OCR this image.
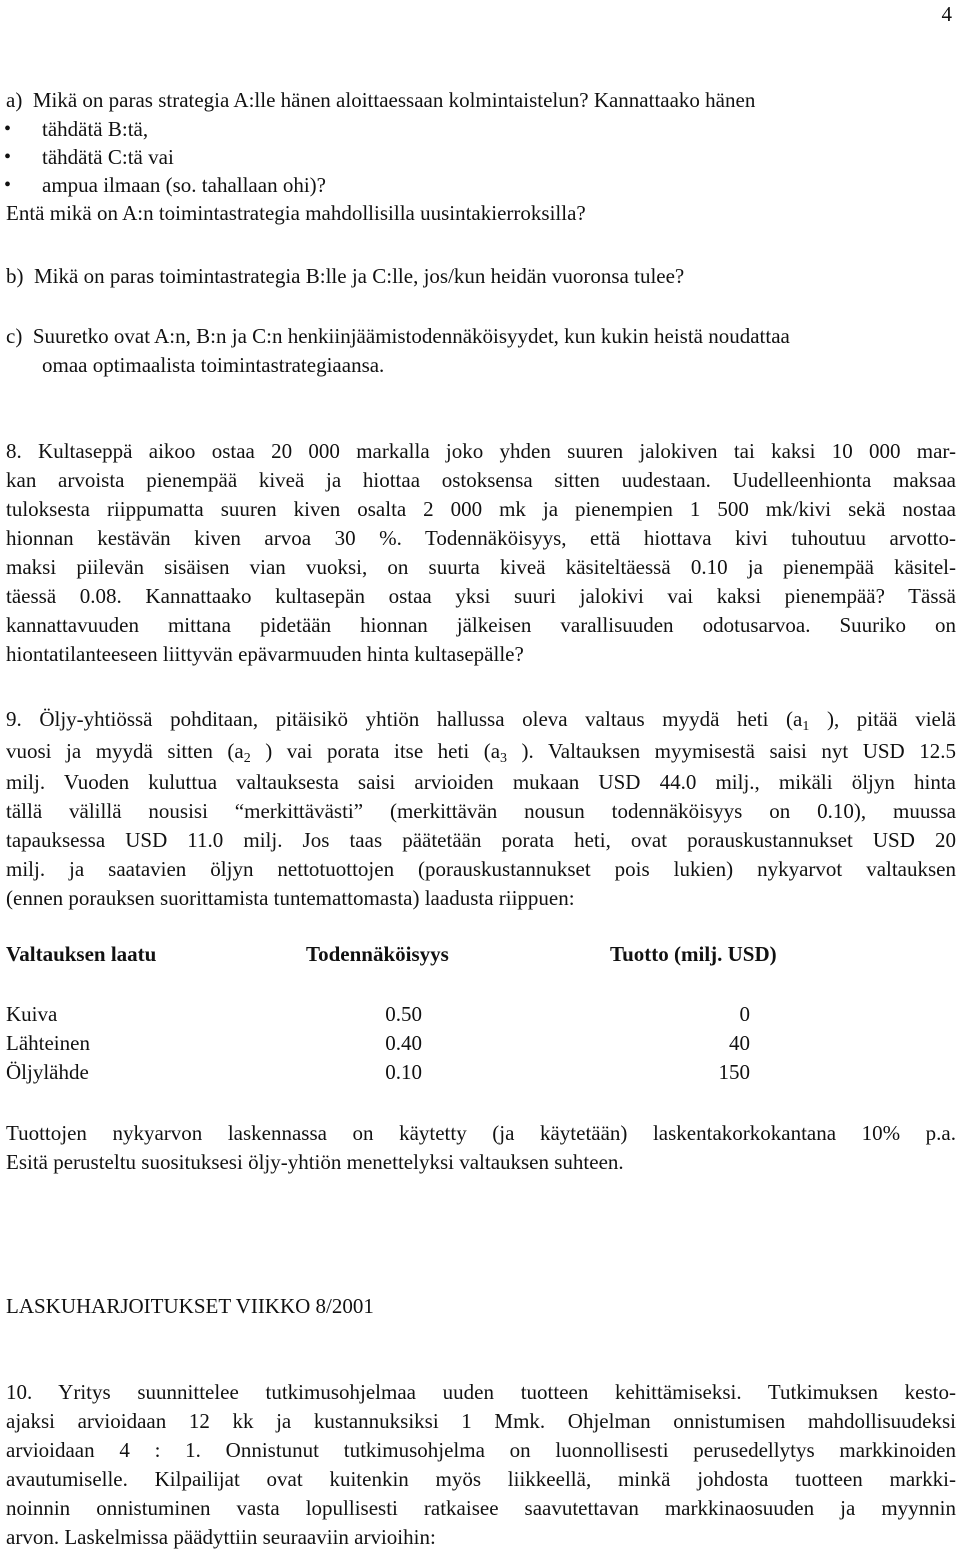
4
a)  Mikä on paras strategia A:lle hänen aloittaessaan kolmintaistelun? Kannattaako hänen
• tähdätä B:tä,
• tähdätä C:tä vai
• ampua ilmaan (so. tahallaan ohi)?
Entä mikä on A:n toimintastrategia mahdollisilla uusintakierroksilla?
b)  Mikä on paras toimintastrategia B:lle ja C:lle, jos/kun heidän vuoronsa tulee?
c)  Suuretko ovat A:n, B:n ja C:n henkiinjäämistodennäköisyydet, kun kukin heistä noudattaa
omaa optimaalista toimintastrategiaansa.

8. Kultaseppä aikoo ostaa 20 000 markalla joko yhden suuren jalokiven tai kaksi 10 000 mar-

kan arvoista pienempää kiveä ja hiottaa ostoksensa sitten uudestaan. Uudelleenhionta maksaa

tuloksesta riippumatta suuren kiven osalta 2 000 mk ja pienempien 1 500 mk/kivi sekä nostaa

hionnan kestävän kiven arvoa 30 %. Todennäköisyys, että hiottava kivi tuhoutuu arvotto-

maksi piilevän sisäisen vian vuoksi, on suurta kiveä käsiteltäessä 0.10 ja pienempää käsitel-

täessä 0.08. Kannattaako kultasepän ostaa yksi suuri jalokivi vai kaksi pienempää? Tässä

kannattavuuden mittana pidetään hionnan jälkeisen varallisuuden odotusarvoa. Suuriko on

hiontatilanteeseen liittyvän epävarmuuden hinta kultasepälle?

9. Öljy-yhtiössä pohditaan, pitäisikö yhtiön hallussa oleva valtaus myydä heti ($a_1$ ), pitää vielä

vuosi ja myydä sitten ($a_2$ ) vai porata itse heti ($a_3$ ). Valtauksen myymisestä saisi nyt USD 12.5

milj. Vuoden kuluttua valtauksesta saisi arvioiden mukaan USD 44.0 milj., mikäli öljyn hinta

tällä välillä nousisi “merkittävästi” (merkittävän nousun todennäköisyys on 0.10), muussa

tapauksessa USD 11.0 milj. Jos taas päätetään porata heti, ovat porauskustannukset USD 20

milj. ja saatavien öljyn nettotuottojen (porauskustannukset pois lukien) nykyarvot valtauksen

(ennen porauksen suorittamista tuntemattomasta) laadusta riippuen:

Valtauksen laatu	Todennäköisyys	Tuotto (milj. USD)
Kuiva	0.50	0
Lähteinen	0.40	40
Öljylähde	0.10	150

Tuottojen nykyarvon laskennassa on käytetty (ja käytetään) laskentakorkokantana 10% p.a.

Esitä perusteltu suosituksesi öljy-yhtiön menettelyksi valtauksen suhteen.

LASKUHARJOITUKSET VIIKKO 8/2001

10. Yritys suunnittelee tutkimusohjelmaa uuden tuotteen kehittämiseksi. Tutkimuksen kesto-

ajaksi arvioidaan 12 kk ja kustannuksiksi 1 Mmk. Ohjelman onnistumisen mahdollisuudeksi

arvioidaan 4 : 1. Onnistunut tutkimusohjelma on luonnollisesti perusedellytys markkinoiden

avautumiselle. Kilpailijat ovat kuitenkin myös liikkeellä, minkä johdosta tuotteen markki-

noinnin onnistuminen vasta lopullisesti ratkaisee saavutettavan markkinaosuuden ja myynnin

arvon. Laskelmissa päädyttiin seuraaviin arvioihin:
